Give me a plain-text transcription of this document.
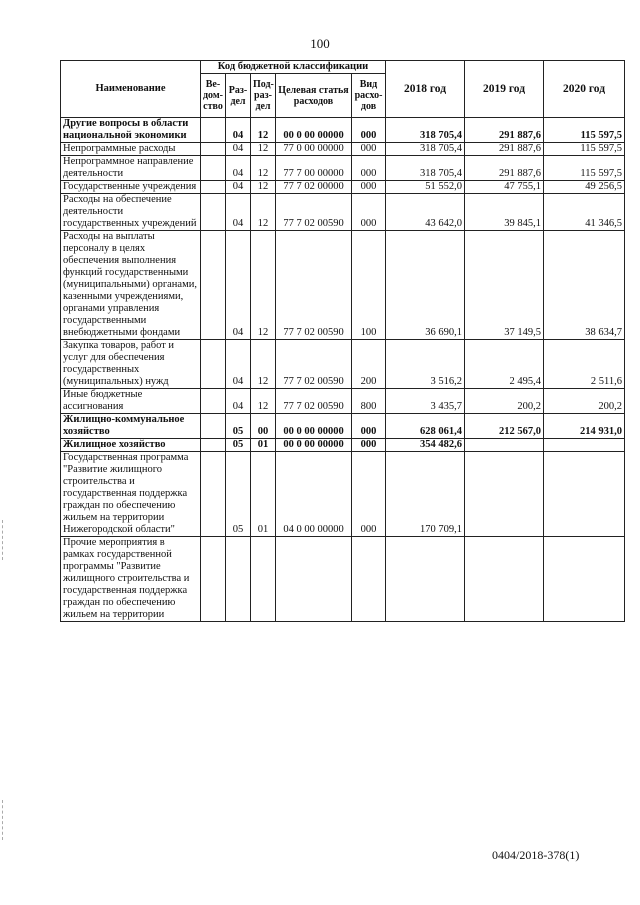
100
Наименование	Код бюджетной классификации					2018 год	2019 год	2020 год
	Ве-дом-ство	Раз-дел	Под-раз-дел	Целевая статья расходов	Вид расхо-дов			
Другие вопросы в области национальной экономики		04	12	00 0 00 00000	000	318 705,4	291 887,6	115 597,5
Непрограммные расходы		04	12	77 0 00 00000	000	318 705,4	291 887,6	115 597,5
Непрограммное направление деятельности		04	12	77 7 00 00000	000	318 705,4	291 887,6	115 597,5
Государственные учреждения		04	12	77 7 02 00000	000	51 552,0	47 755,1	49 256,5
Расходы на обеспечение деятельности государственных учреждений		04	12	77 7 02 00590	000	43 642,0	39 845,1	41 346,5
Расходы на выплаты персоналу в целях обеспечения выполнения функций государственными (муниципальными) органами, казенными учреждениями, органами управления государственными внебюджетными фондами		04	12	77 7 02 00590	100	36 690,1	37 149,5	38 634,7
Закупка товаров, работ и услуг для обеспечения государственных (муниципальных) нужд		04	12	77 7 02 00590	200	3 516,2	2 495,4	2 511,6
Иные бюджетные ассигнования		04	12	77 7 02 00590	800	3 435,7	200,2	200,2
Жилищно-коммунальное хозяйство		05	00	00 0 00 00000	000	628 061,4	212 567,0	214 931,0
Жилищное хозяйство		05	01	00 0 00 00000	000	354 482,6		
Государственная программа "Развитие жилищного строительства и государственная поддержка граждан по обеспечению жильем на территории Нижегородской области"		05	01	04 0 00 00000	000	170 709,1		
Прочие мероприятия в рамках государственной программы "Развитие жилищного строительства и государственная поддержка граждан по обеспечению жильем на территории								
0404/2018-378(1)
